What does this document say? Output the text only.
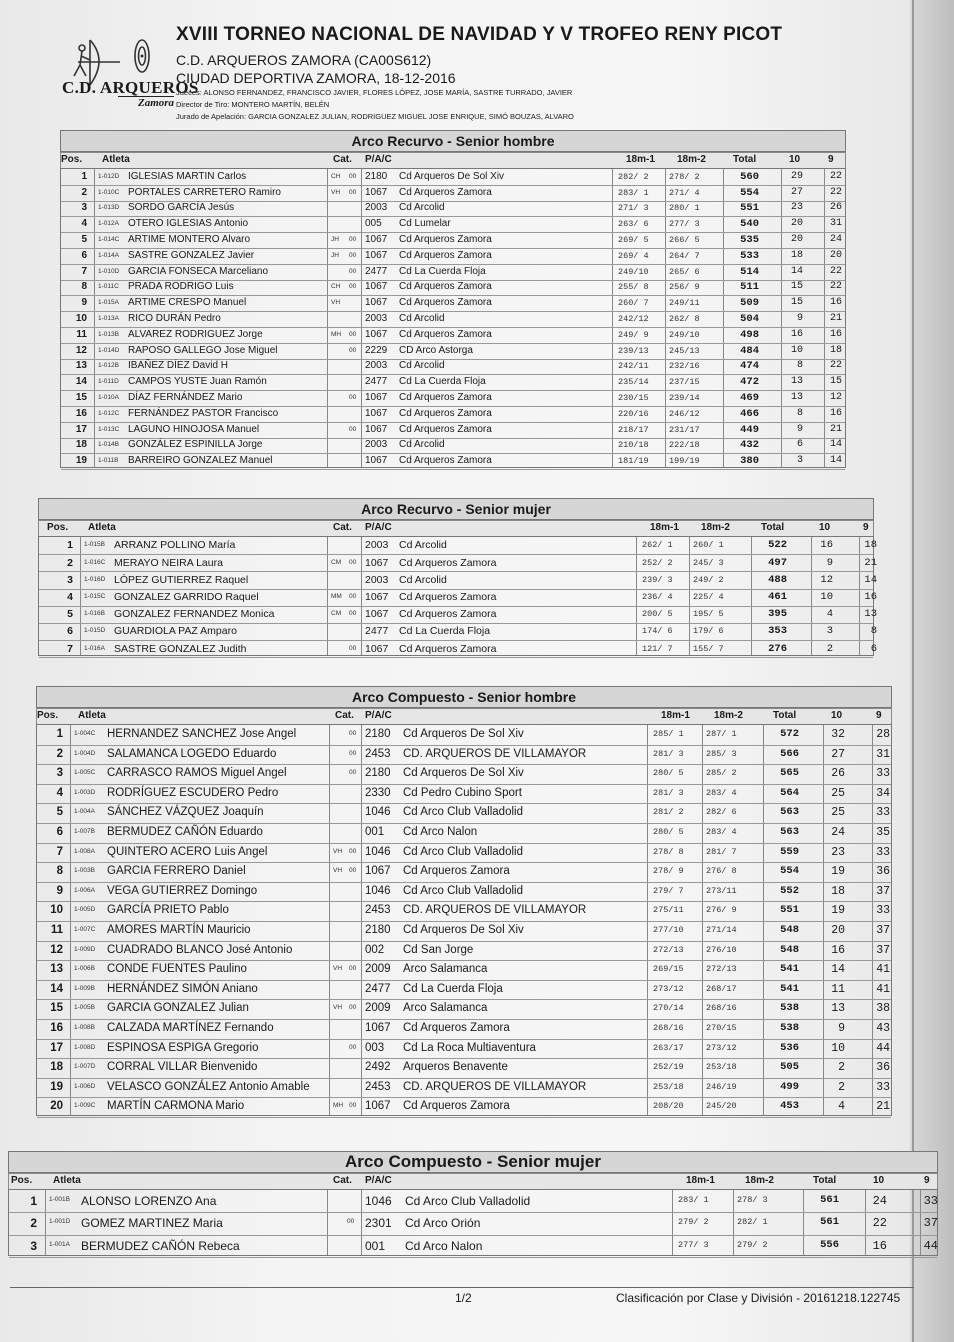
C.D. ARQUEROS
Zamora
XVIII TORNEO NACIONAL DE NAVIDAD Y V TROFEO RENY PICOT
C.D. ARQUEROS ZAMORA (CA00S612)
CIUDAD DEPORTIVA ZAMORA, 18-12-2016
Jueces: ALONSO FERNANDEZ, FRANCISCO JAVIER, FLORES LÓPEZ, JOSE MARÍA, SASTRE TURRADO, JAVIER
Director de Tiro: MONTERO MARTÍN, BELÉN
Jurado de Apelación: GARCIA GONZALEZ JULIAN, RODRIGUEZ MIGUEL JOSE ENRIQUE, SIMÓ BOUZAS, ALVARO
Arco Recurvo - Senior hombre
Pos. Atleta	Cat. P/A/C	18m-1 18m-2	Total	10	9
1 1-012D IGLESIAS MARTIN Carlos	CH 00 2180 Cd Arqueros De Sol Xiv	282/ 2 278/ 2	560	29	22
2 1-010C PORTALES CARRETERO Ramiro	VH 00 1067 Cd Arqueros Zamora	283/ 1 271/ 4	554	27	22
3 1-013D SORDO GARCÍA Jesús	2003 Cd Arcolid	271/ 3 280/ 1	551	23	26
4 1-012A OTERO IGLESIAS Antonio	005 Cd Lumelar	263/ 6 277/ 3	540	20	31
5 1-014C ARTIME MONTERO Alvaro	JH 00 1067 Cd Arqueros Zamora	269/ 5 266/ 5	535	20	24
6 1-014A SASTRE GONZALEZ Javier	JH 00 1067 Cd Arqueros Zamora	269/ 4 264/ 7	533	18	20
7 1-010D GARCIA FONSECA Marceliano	00 2477 Cd La Cuerda Floja	249/10 265/ 6	514	14	22
8 1-011C PRADA RODRIGO Luis	CH 00 1067 Cd Arqueros Zamora	255/ 8 256/ 9	511	15	22
9 1-015A ARTIME CRESPO Manuel	VH 1067 Cd Arqueros Zamora	260/ 7 249/11	509	15	16
10 1-013A RICO DURÁN Pedro	2003 Cd Arcolid	242/12 262/ 8	504	9	21
11 1-013B ALVAREZ RODRIGUEZ Jorge	MH 00 1067 Cd Arqueros Zamora	249/ 9 249/10	498	16	16
12 1-014D RAPOSO GALLEGO Jose Miguel	00 2229 CD Arco Astorga	239/13 245/13	484	10	18
13 1-012B IBAÑEZ DÍEZ David H	2003 Cd Arcolid	242/11 232/16	474	8	22
14 1-011D CAMPOS YUSTE Juan Ramón	2477 Cd La Cuerda Floja	235/14 237/15	472	13	15
15 1-010A DÍAZ FERNÁNDEZ Mario	00 1067 Cd Arqueros Zamora	230/15 239/14	469	13	12
16 1-012C FERNÁNDEZ PASTOR Francisco	1067 Cd Arqueros Zamora	220/16 246/12	466	8	16
17 1-013C LAGUNO HINOJOSA Manuel	00 1067 Cd Arqueros Zamora	218/17 231/17	449	9	21
18 1-014B GONZÁLEZ ESPINILLA Jorge	2003 Cd Arcolid	210/18 222/18	432	6	14
19 1-011B BARREIRO GONZALEZ Manuel	1067 Cd Arqueros Zamora	181/19 199/19	380	3	14
Arco Recurvo - Senior mujer
Pos. Atleta	Cat. P/A/C	18m-1 18m-2	Total	10	9
1 1-015B ARRANZ POLLINO María	2003 Cd Arcolid	262/ 1 260/ 1	522	16	18
2 1-016C MERAYO NEIRA Laura	CM 00 1067 Cd Arqueros Zamora	252/ 2 245/ 3	497	9	21
3 1-016D LÓPEZ GUTIERREZ Raquel	2003 Cd Arcolid	239/ 3 249/ 2	488	12	14
4 1-015C GONZALEZ GARRIDO Raquel	MM 00 1067 Cd Arqueros Zamora	236/ 4 225/ 4	461	10	16
5 1-016B GONZALEZ FERNANDEZ Monica	CM 00 1067 Cd Arqueros Zamora	200/ 5 195/ 5	395	4	13
6 1-015D GUARDIOLA PAZ Amparo	2477 Cd La Cuerda Floja	174/ 6 179/ 6	353	3	8
7 1-016A SASTRE GONZALEZ Judith	00 1067 Cd Arqueros Zamora	121/ 7 155/ 7	276	2	6
Arco Compuesto - Senior hombre
Pos. Atleta	Cat. P/A/C	18m-1 18m-2	Total	10	9
1 1-004C HERNANDEZ SANCHEZ Jose Angel	00 2180 Cd Arqueros De Sol Xiv	285/ 1	287/ 1	572	32	28
2 1-004D SALAMANCA LOGEDO Eduardo	00 2453 CD. ARQUEROS DE VILLAMAYOR	281/ 3	285/ 3	566	27	31
3 1-005C CARRASCO RAMOS Miguel Angel	00 2180 Cd Arqueros De Sol Xiv	280/ 5	285/ 2	565	26	33
4 1-003D RODRÍGUEZ ESCUDERO Pedro	2330 Cd Pedro Cubino Sport	281/ 3	283/ 4	564	25	34
5 1-004A SÁNCHEZ VÁZQUEZ Joaquín	1046 Cd Arco Club Valladolid	281/ 2	282/ 6	563	25	33
6 1-007B BERMUDEZ CAÑÓN Eduardo	001 Cd Arco Nalon	280/ 5	283/ 4	563	24	35
7 1-008A QUINTERO ACERO Luis Angel	VH 00 1046 Cd Arco Club Valladolid	278/ 8	281/ 7	559	23	33
8 1-003B GARCIA FERRERO Daniel	VH 00 1067 Cd Arqueros Zamora	278/ 9	276/ 8	554	19	36
9 1-006A VEGA GUTIERREZ Domingo	1046 Cd Arco Club Valladolid	279/ 7	273/11	552	18	37
10 1-005D GARCÍA PRIETO Pablo	2453 CD. ARQUEROS DE VILLAMAYOR	275/11	276/ 9	551	19	33
11 1-007C AMORES MARTÍN Mauricio	2180 Cd Arqueros De Sol Xiv	277/10	271/14	548	20	37
12 1-009D CUADRADO BLANCO José Antonio	002 Cd San Jorge	272/13	276/10	548	16	37
13 1-006B CONDE FUENTES Paulino	VH 00 2009 Arco Salamanca	269/15	272/13	541	14	41
14 1-009B HERNÁNDEZ SIMÓN Aniano	2477 Cd La Cuerda Floja	273/12	268/17	541	11	41
15 1-005B GARCIA GONZALEZ Julian	VH 00 2009 Arco Salamanca	270/14	268/16	538	13	38
16 1-008B CALZADA MARTÍNEZ Fernando	1067 Cd Arqueros Zamora	268/16	270/15	538	9	43
17 1-008D ESPINOSA ESPIGA Gregorio	00 003 Cd La Roca Multiaventura	263/17	273/12	536	10	44
18 1-007D CORRAL VILLAR Bienvenido	2492 Arqueros Benavente	252/19	253/18	505	2	36
19 1-006D VELASCO GONZÁLEZ Antonio Amable	2453 CD. ARQUEROS DE VILLAMAYOR	253/18	246/19	499	2	33
20 1-009C MARTÍN CARMONA Mario	MH 00 1067 Cd Arqueros Zamora	208/20	245/20	453	4	21
Arco Compuesto - Senior mujer
Pos. Atleta	Cat. P/A/C	18m-1	18m-2	Total	10	9
1 1-001B ALONSO LORENZO Ana	1046 Cd Arco Club Valladolid	283/ 1	278/ 3	561	24	33
2 1-001D GOMEZ MARTINEZ Maria	00 2301 Cd Arco Orión	279/ 2	282/ 1	561	22	37
3 1-001A BERMUDEZ CAÑÓN Rebeca	001 Cd Arco Nalon	277/ 3	279/ 2	556	16	44
1/2	Clasificación por Clase y División - 20161218.122745
